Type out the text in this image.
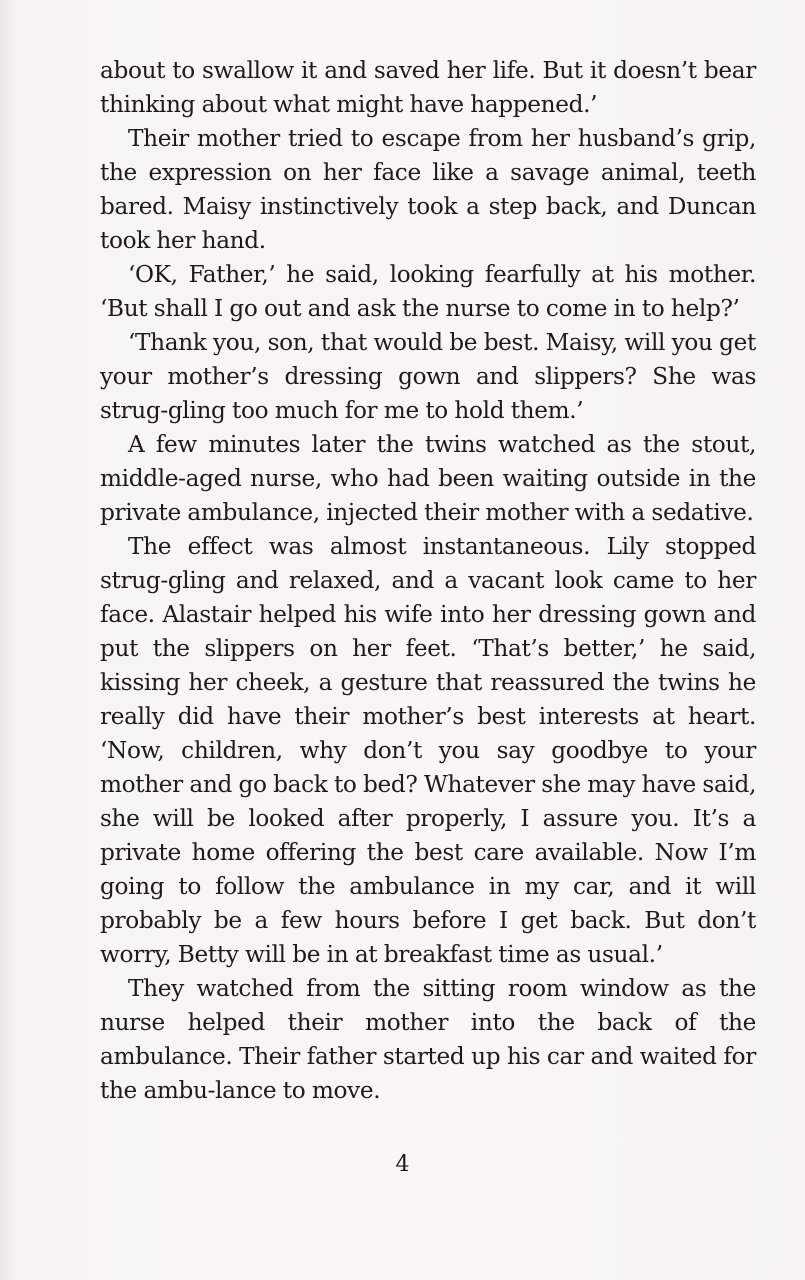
about to swallow it and saved her life. But it doesn’t bear thinking about what might have happened.’

Their mother tried to escape from her husband’s grip, the expression on her face like a savage animal, teeth bared. Maisy instinctively took a step back, and Duncan took her hand.

‘OK, Father,’ he said, looking fearfully at his mother. ‘But shall I go out and ask the nurse to come in to help?’

‘Thank you, son, that would be best. Maisy, will you get your mother’s dressing gown and slippers? She was strug-gling too much for me to hold them.’

A few minutes later the twins watched as the stout, middle-aged nurse, who had been waiting outside in the private ambulance, injected their mother with a sedative.

The effect was almost instantaneous. Lily stopped strug-gling and relaxed, and a vacant look came to her face. Alastair helped his wife into her dressing gown and put the slippers on her feet. ‘That’s better,’ he said, kissing her cheek, a gesture that reassured the twins he really did have their mother’s best interests at heart. ‘Now, children, why don’t you say goodbye to your mother and go back to bed? Whatever she may have said, she will be looked after properly, I assure you. It’s a private home offering the best care available. Now I’m going to follow the ambulance in my car, and it will probably be a few hours before I get back. But don’t worry, Betty will be in at breakfast time as usual.’

They watched from the sitting room window as the nurse helped their mother into the back of the ambulance. Their father started up his car and waited for the ambu-lance to move.

4
